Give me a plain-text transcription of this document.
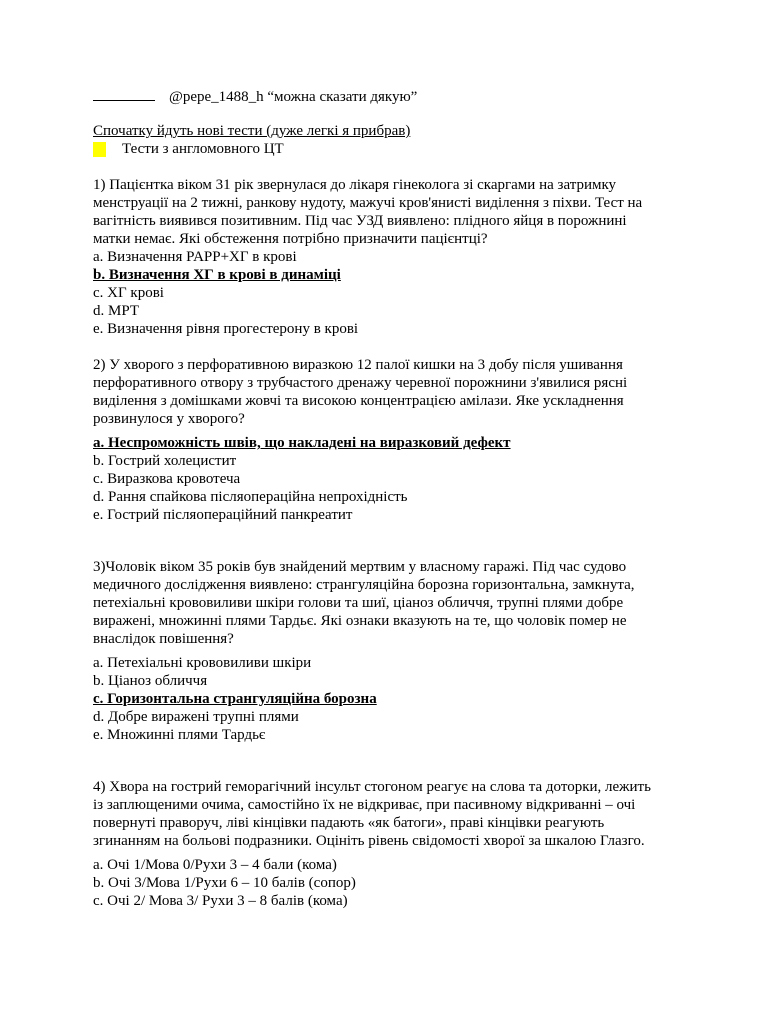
@pepe_1488_h “можна сказати дякую”
Спочатку йдуть нові тести (дуже легкі я прибрав)
Тести з англомовного ЦТ
1) Пацієнтка віком 31 рік звернулася до лікаря гінеколога зі скаргами на затримку
менструації на 2 тижні, ранкову нудоту, мажучі кров'янисті виділення з піхви. Тест на
вагітність виявився позитивним. Під час УЗД виявлено: плідного яйця в порожнині
матки немає. Які обстеження потрібно призначити пацієнтці?
a. Визначення PAPP+ХГ в крові
b. Визначення ХГ в крові в динаміці
c. ХГ крові
d. МРТ
e. Визначення рівня прогестерону в крові
2) У хворого з перфоративною виразкою 12 палої кишки на 3 добу після ушивання
перфоративного отвору з трубчастого дренажу черевної порожнини з'явилися рясні
виділення з домішками жовчі та високою концентрацією амілази. Яке ускладнення
розвинулося у хворого?
a. Неспроможність швів, що накладені на виразковий дефект
b. Гострий холецистит
c. Виразкова кровотеча
d. Рання спайкова післяопераційна непрохідність
e. Гострий післяопераційний панкреатит
3)Чоловік віком 35 років був знайдений мертвим у власному гаражі. Під час судово
медичного дослідження виявлено: странгуляційна борозна горизонтальна, замкнута,
петехіальні крововиливи шкіри голови та шиї, ціаноз обличчя, трупні плями добре
виражені, множинні плями Тардьє. Які ознаки вказують на те, що чоловік помер не
внаслідок повішення?
a. Петехіальні крововиливи шкіри
b. Ціаноз обличчя
c. Горизонтальна странгуляційна борозна
d. Добре виражені трупні плями
e. Множинні плями Тардьє
4) Хвора на гострий геморагічний інсульт стогоном реагує на слова та доторки, лежить
із заплющеними очима, самостійно їх не відкриває, при пасивному відкриванні – очі
повернуті праворуч, ліві кінцівки падають «як батоги», праві кінцівки реагують
згинанням на больові подразники. Оцініть рівень свідомості хворої за шкалою Глазго.
a. Очі 1/Мова 0/Рухи 3 – 4 бали (кома)
b. Очі 3/Мова 1/Рухи 6 – 10 балів (сопор)
c. Очі 2/ Мова 3/ Рухи 3 – 8 балів (кома)
